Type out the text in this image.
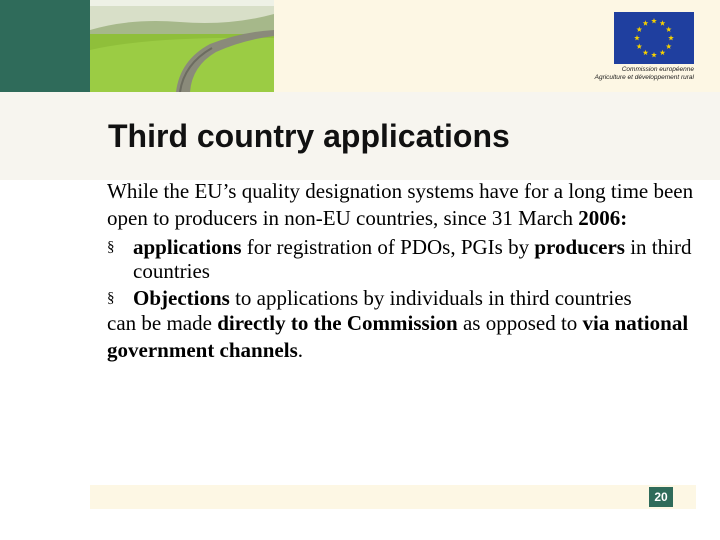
Commission européenne
Agriculture et développement rural
Third country applications

While the EU’s quality designation systems have for a long time been open to producers in non-EU countries, since 31 March 2006:

§ applications for registration of PDOs, PGIs by producers in third countries
§ Objections to applications by individuals in third countries

can be made directly to the Commission as opposed to via national government channels.

20
